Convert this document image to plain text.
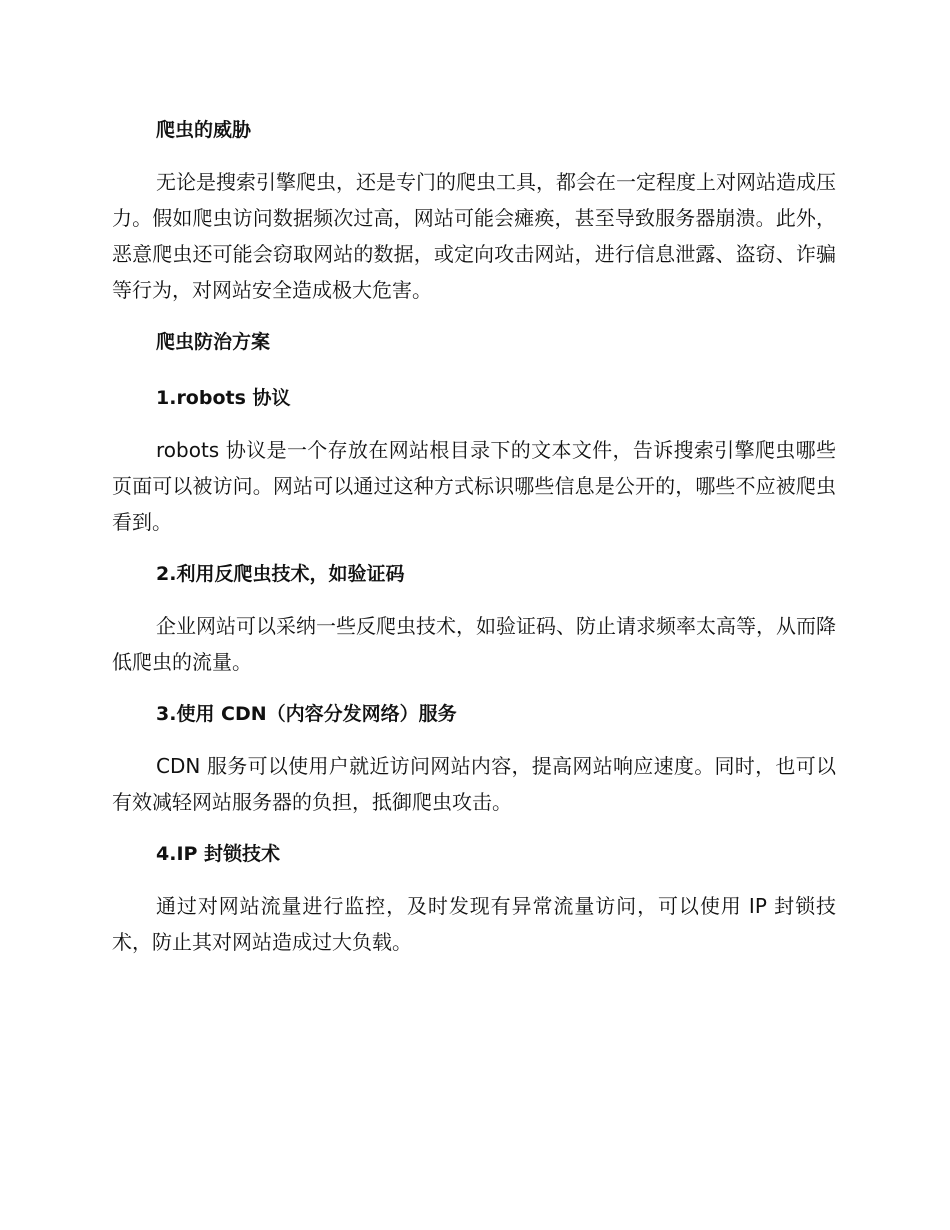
爬虫的威胁

无论是搜索引擎爬虫，还是专门的爬虫工具，都会在一定程度上对网站造成压力。假如爬虫访问数据频次过高，网站可能会瘫痪，甚至导致服务器崩溃。此外，恶意爬虫还可能会窃取网站的数据，或定向攻击网站，进行信息泄露、盗窃、诈骗等行为，对网站安全造成极大危害。

爬虫防治方案
1.robots 协议

robots 协议是一个存放在网站根目录下的文本文件，告诉搜索引擎爬虫哪些页面可以被访问。网站可以通过这种方式标识哪些信息是公开的，哪些不应被爬虫看到。

2.利用反爬虫技术，如验证码

企业网站可以采纳一些反爬虫技术，如验证码、防止请求频率太高等，从而降低爬虫的流量。

3.使用 CDN（内容分发网络）服务

CDN 服务可以使用户就近访问网站内容，提高网站响应速度。同时，也可以有效减轻网站服务器的负担，抵御爬虫攻击。

4.IP 封锁技术

通过对网站流量进行监控，及时发现有异常流量访问，可以使用 IP 封锁技术，防止其对网站造成过大负载。
